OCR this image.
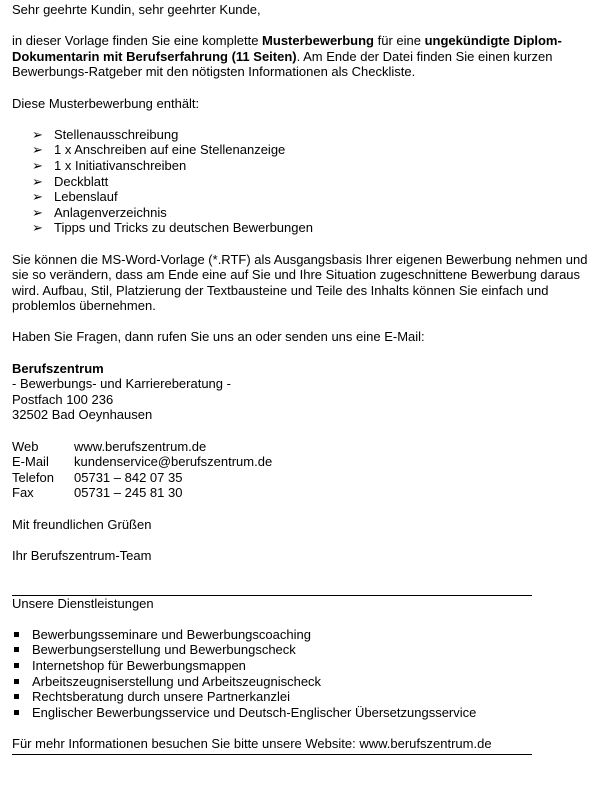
Sehr geehrte Kundin, sehr geehrter Kunde,

in dieser Vorlage finden Sie eine komplette Musterbewerbung für eine ungekündigte Diplom-Dokumentarin mit Berufserfahrung (11 Seiten). Am Ende der Datei finden Sie einen kurzen Bewerbungs-Ratgeber mit den nötigsten Informationen als Checkliste.

Diese Musterbewerbung enthält:

➢ Stellenausschreibung
➢ 1 x Anschreiben auf eine Stellenanzeige
➢ 1 x Initiativanschreiben
➢ Deckblatt
➢ Lebenslauf
➢ Anlagenverzeichnis
➢ Tipps und Tricks zu deutschen Bewerbungen

Sie können die MS-Word-Vorlage (*.RTF) als Ausgangsbasis Ihrer eigenen Bewerbung nehmen und sie so verändern, dass am Ende eine auf Sie und Ihre Situation zugeschnittene Bewerbung daraus wird. Aufbau, Stil, Platzierung der Textbausteine und Teile des Inhalts können Sie einfach und problemlos übernehmen.

Haben Sie Fragen, dann rufen Sie uns an oder senden uns eine E-Mail:

Berufszentrum

- Bewerbungs- und Karriereberatung -

Postfach 100 236

32502 Bad Oeynhausen

Web	www.berufszentrum.de
E-Mail	kundenservice@berufszentrum.de
Telefon	05731 – 842 07 35
Fax	05731 – 245 81 30

Mit freundlichen Grüßen

Ihr Berufszentrum-Team

Unsere Dienstleistungen

Bewerbungsseminare und Bewerbungscoaching
Bewerbungserstellung und Bewerbungscheck
Internetshop für Bewerbungsmappen
Arbeitszeugniserstellung und Arbeitszeugnischeck
Rechtsberatung durch unsere Partnerkanzlei
Englischer Bewerbungsservice und Deutsch-Englischer Übersetzungsservice

Für mehr Informationen besuchen Sie bitte unsere Website: www.berufszentrum.de
